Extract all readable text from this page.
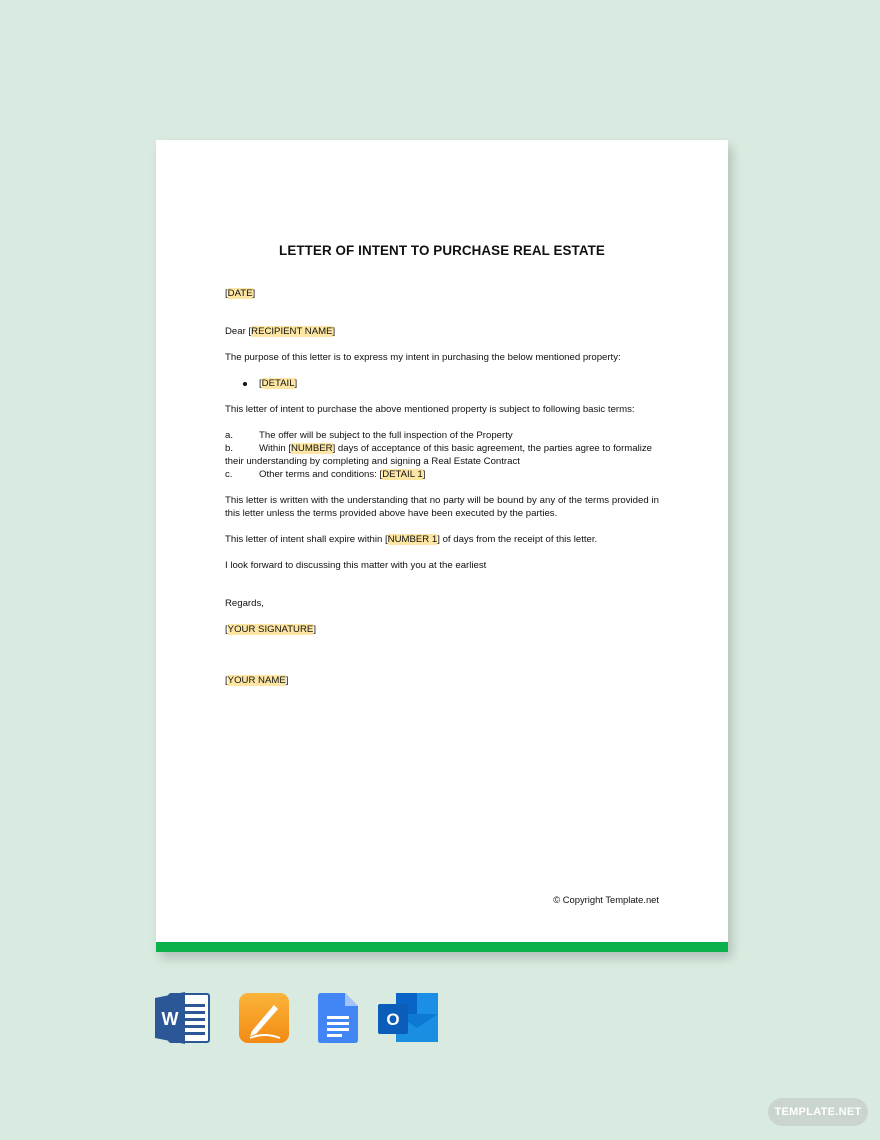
LETTER OF INTENT TO PURCHASE REAL ESTATE
[DATE]
Dear [RECIPIENT NAME]
The purpose of this letter is to express my intent in purchasing the below mentioned property:
[DETAIL]
This letter of intent to purchase the above mentioned property is subject to following basic terms:
a.	The offer will be subject to the full inspection of the Property
b.	Within [NUMBER] days of acceptance of this basic agreement, the parties agree to formalize
their understanding by completing and signing a Real Estate Contract
c.	Other terms and conditions: [DETAIL 1]
This letter is written with the understanding that no party will be bound by any of the terms provided in this letter unless the terms provided above have been executed by the parties.
This letter of intent shall expire within [NUMBER 1] of days from the receipt of this letter.
I look forward to discussing this matter with you at the earliest
Regards,
[YOUR SIGNATURE]
[YOUR NAME]
© Copyright Template.net
W	O
TEMPLATE.NET
